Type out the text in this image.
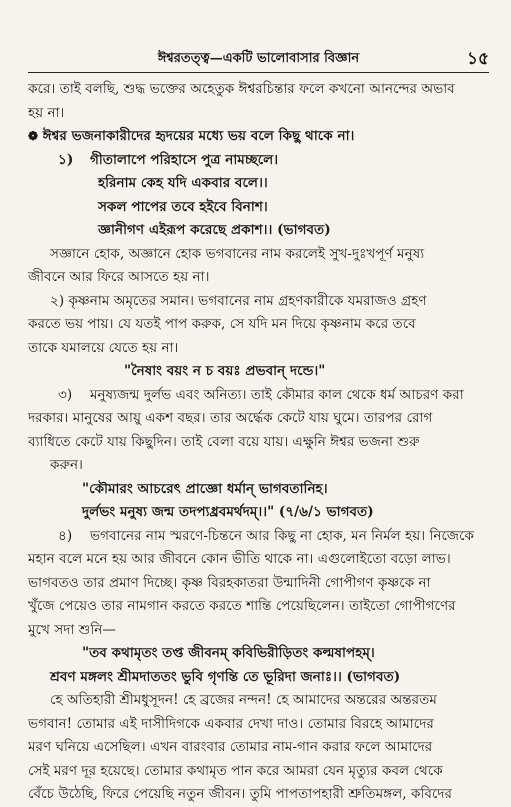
ঈশ্বরতত্ত্ব—একটি ভালোবাসার বিজ্ঞান	১৫

করে। তাই বলছি, শুদ্ধ ভক্তের অহেতুক ঈশ্বরচিন্তার ফলে কখনো আনন্দের অভাব

হয় না।

❁ ঈশ্বর ভজনাকারীদের হৃদয়ের মধ্যে ভয় বলে কিছু থাকে না।

১) গীতালাপে পরিহাসে পুত্র নামচ্ছলে।

হরিনাম কেহ যদি একবার বলে।।

সকল পাপের তবে হইবে বিনাশ।

জ্ঞানীগণ এইরূপ করেছে প্রকাশ।। (ভাগবত)

সজ্ঞানে হোক, অজ্ঞানে হোক ভগবানের নাম করলেই সুখ-দুঃখপূর্ণ মনুষ্য

জীবনে আর ফিরে আসতে হয় না।

২) কৃষ্ণনাম অমৃতের সমান। ভগবানের নাম গ্রহণকারীকে যমরাজও গ্রহণ

করতে ভয় পায়। যে যতই পাপ করুক, সে যদি মন দিয়ে কৃষ্ণনাম করে তবে

তাকে যমালয়ে যেতে হয় না।

"নৈষাং বয়ং ন চ বয়ঃ প্রভবান্ দন্ডে।"

৩) মনুষ্যজন্ম দুর্লভ এবং অনিত্য। তাই কৌমার কাল থেকে ধর্ম আচরণ করা

দরকার। মানুষের আয়ু একশ বছর। তার অর্দ্ধেক কেটে যায় ঘুমে। তারপর রোগ

ব্যাধিতে কেটে যায় কিছুদিন। তাই বেলা বয়ে যায়। এক্ষুনি ঈশ্বর ভজনা শুরু

করুন।

"কৌমারং আচরেৎ প্রাজ্ঞো ধর্মান্ ভাগবতানিহ।

দুর্লভং মনুষ্য জন্ম তদপ্যধ্রবমর্থদম্।।" (৭/৬/১ ভাগবত)

৪) ভগবানের নাম স্মরণে-চিন্তনে আর কিছু না হোক, মন নির্মল হয়। নিজেকে

মহান বলে মনে হয় আর জীবনে কোন ভীতি থাকে না। এগুলোইতো বড়ো লাভ।

ভাগবতও তার প্রমাণ দিচ্ছে। কৃষ্ণ বিরহকাতরা উন্মাদিনী গোপীগণ কৃষ্ণকে না

খুঁজে পেয়েও তার নামগান করতে করতে শান্তি পেয়েছিলেন। তাইতো গোপীগণের

মুখে সদা শুনি—

"তব কথামৃতং তপ্ত জীবনম্ কবিভিরীড়িতং কল্মষাপহম্।

শ্রবণ মঙ্গলং শ্রীমদাততং ভুবি গৃণন্তি তে ভূরিদা জনাঃ।। (ভাগবত)

হে অতিহারী শ্রীমধুসূদন! হে ব্রজের নন্দন! হে আমাদের অন্তরের অন্তরতম

ভগবান! তোমার এই দাসীদিগকে একবার দেখা দাও। তোমার বিরহে আমাদের

মরণ ঘনিয়ে এসেছিল। এখন বারংবার তোমার নাম-গান করার ফলে আমাদের

সেই মরণ দূর হয়েছে। তোমার কথামৃত পান করে আমরা যেন মৃত্যুর কবল থেকে

বেঁচে উঠেছি, ফিরে পেয়েছি নতুন জীবন। তুমি পাপতাপহারী শ্রুতিমঙ্গল, কবিদের
